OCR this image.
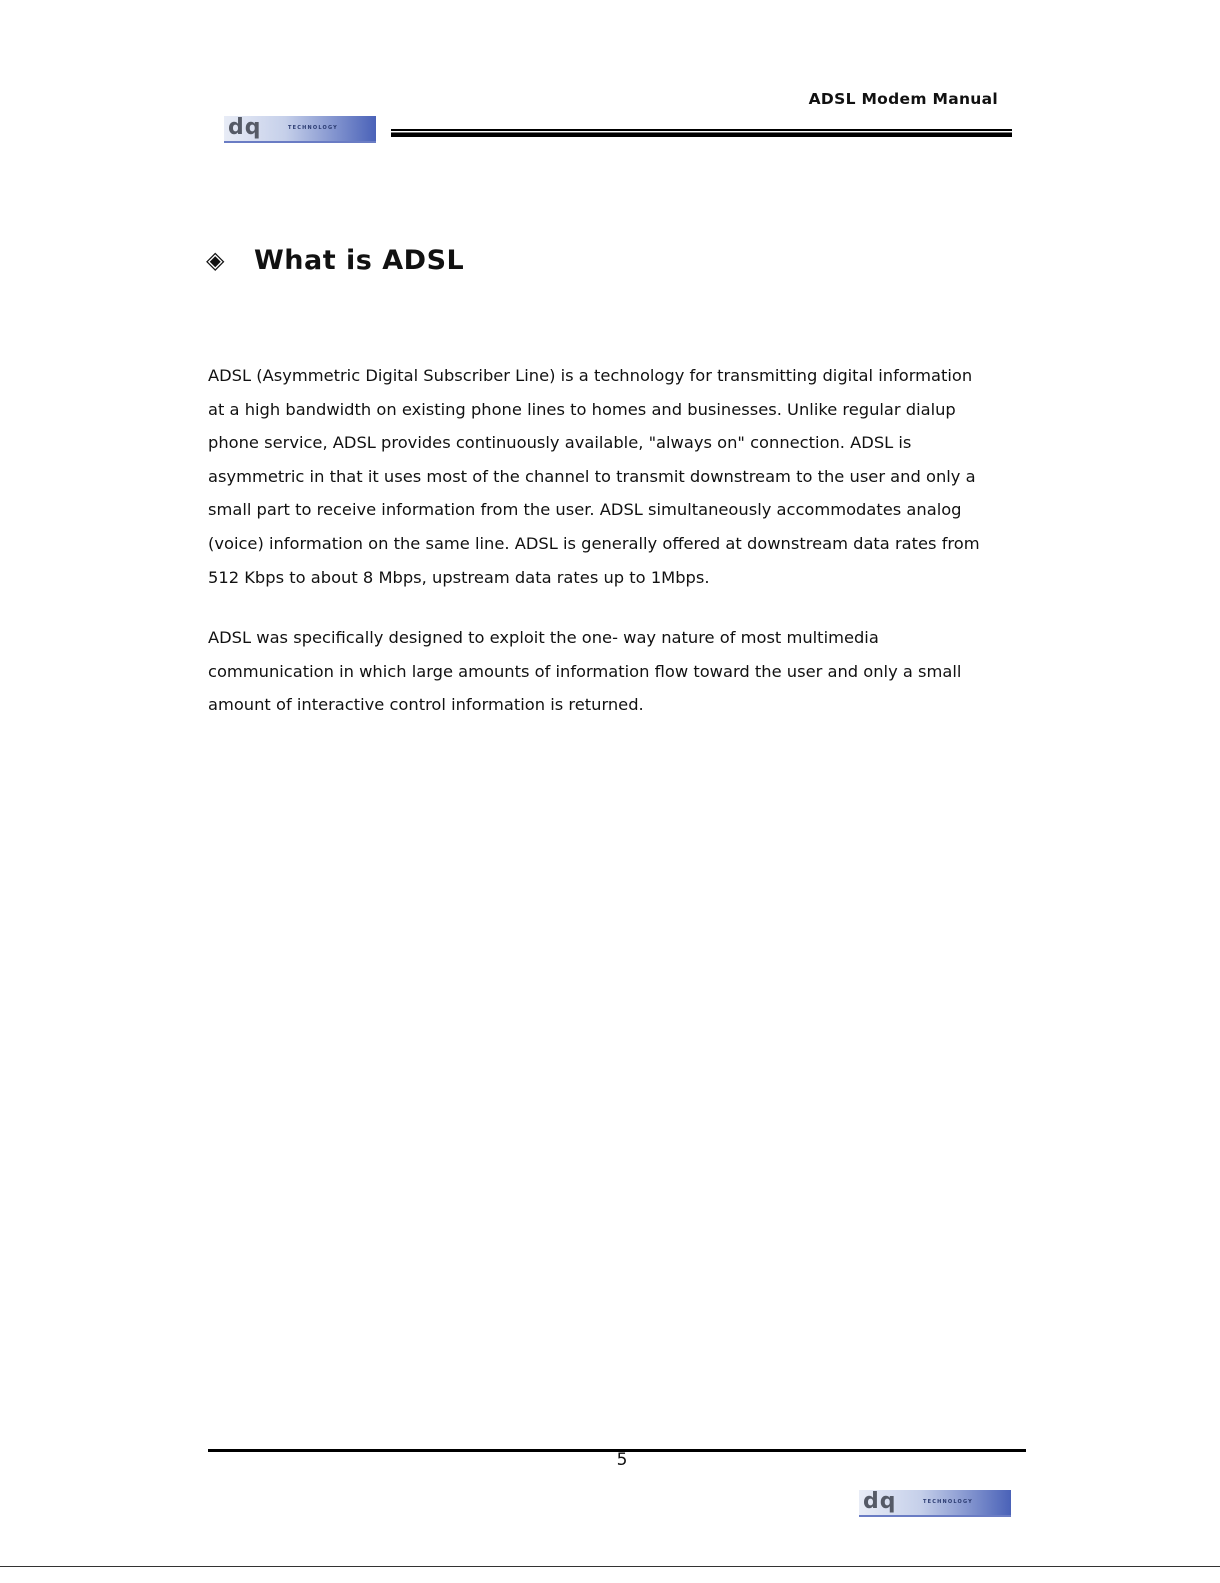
ADSL Modem Manual
dq	TECHNOLOGY
◈	What is ADSL
ADSL (Asymmetric Digital Subscriber Line) is a technology for transmitting digital information
at a high bandwidth on existing phone lines to homes and businesses. Unlike regular dialup
phone service, ADSL provides continuously available, "always on" connection. ADSL is
asymmetric in that it uses most of the channel to transmit downstream to the user and only a
small part to receive information from the user. ADSL simultaneously accommodates analog
(voice) information on the same line. ADSL is generally offered at downstream data rates from
512 Kbps to about 8 Mbps, upstream data rates up to 1Mbps.
ADSL was specifically designed to exploit the one- way nature of most multimedia
communication in which large amounts of information flow toward the user and only a small
amount of interactive control information is returned.
5
dq	TECHNOLOGY
